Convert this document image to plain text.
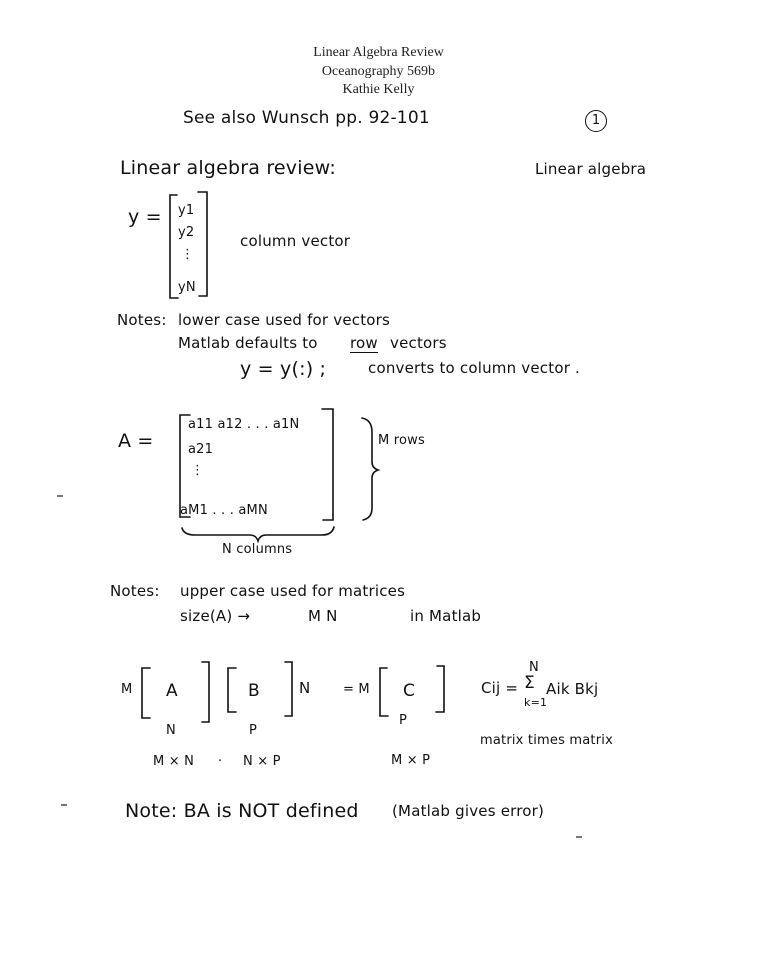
Linear Algebra Review
Oceanography 569b
Kathie Kelly
See also Wunsch pp. 92-101	1
Linear algebra review:	Linear algebra
y = y1
y2
⋮
yN
column vector
Notes: lower case used for vectors
Matlab defaults to row vectors
y = y(:) ;	converts to column vector .
A =
a11 a12 . . . a1N
a21
⋮
aM1 . . . aMN
M rows
N columns
Notes: upper case used for matrices
size(A) →	M N	in Matlab
M A
N
B
P
N	= M C
P
M × N · N × P	M × P
Cij =
N
Σ
k=1
Aik Bkj
matrix times matrix
Note: BA is NOT defined (Matlab gives error)
